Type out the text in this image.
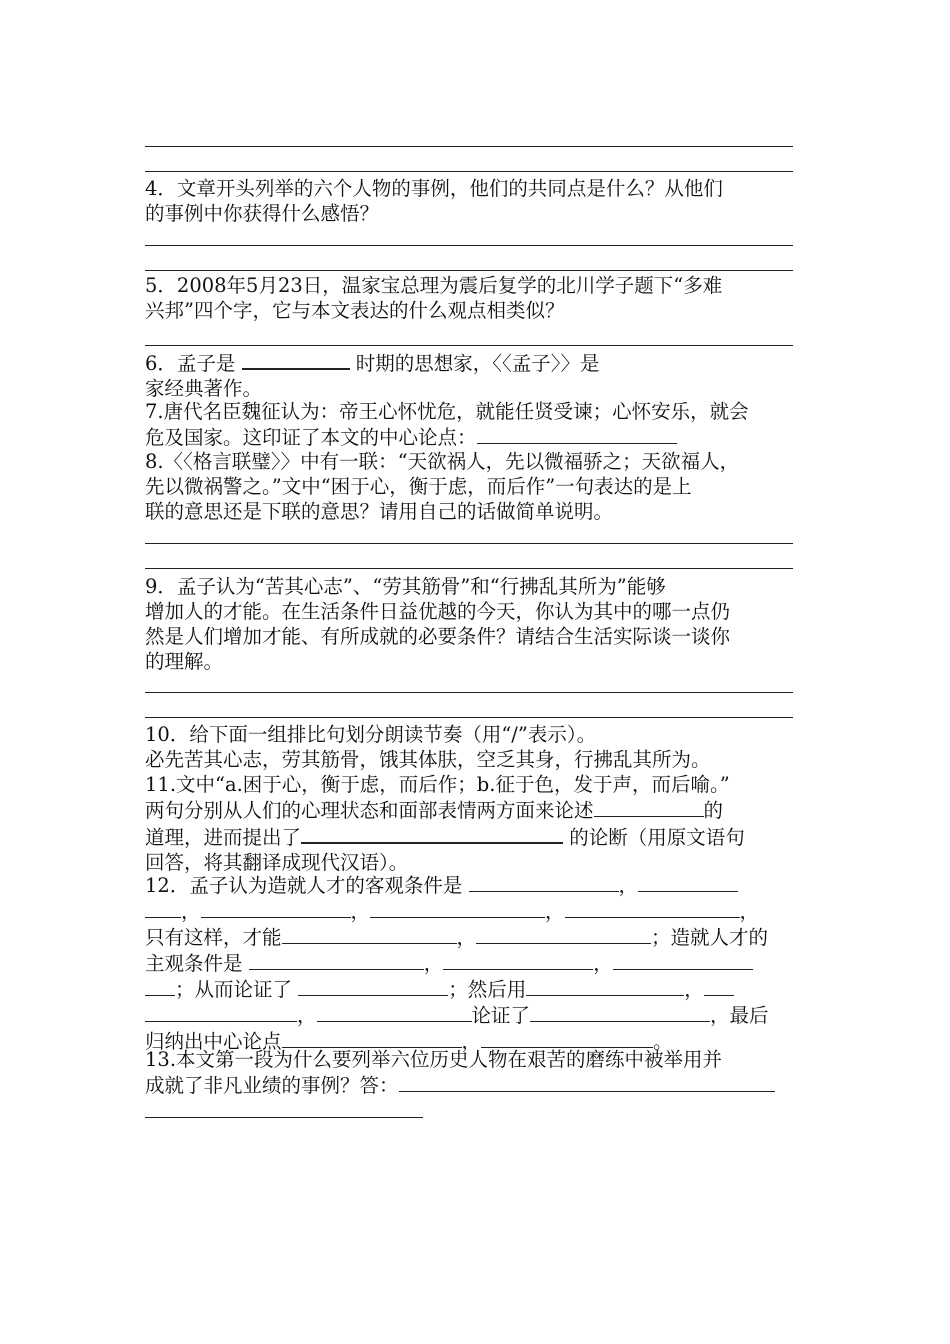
4．文章开头列举的六个人物的事例，他们的共同点是什么？从他们
的事例中你获得什么感悟？
5．2008年5月23日，温家宝总理为震后复学的北川学子题下“多难
兴邦”四个字，它与本文表达的什么观点相类似？
6．孟子是	时期的思想家，〈〈孟子〉〉是
家经典著作。
7.唐代名臣魏征认为：帝王心怀忧危，就能任贤受谏；心怀安乐，就会
危及国家。这印证了本文的中心论点：
8.〈〈格言联璧〉〉中有一联：“天欲祸人，先以微福骄之；天欲福人，
先以微祸警之。”文中“困于心，衡于虑，而后作”一句表达的是上
联的意思还是下联的意思？请用自己的话做简单说明。
9．孟子认为“苦其心志”、“劳其筋骨”和“行拂乱其所为”能够
增加人的才能。在生活条件日益优越的今天，你认为其中的哪一点仍
然是人们增加才能、有所成就的必要条件？请结合生活实际谈一谈你
的理解。
10．给下面一组排比句划分朗读节奏（用“/”表示）。
必先苦其心志，劳其筋骨，饿其体肤，空乏其身，行拂乱其所为。
11.文中“a.困于心，衡于虑，而后作；b.征于色，发于声，而后喻。”
两句分别从人们的心理状态和面部表情两方面来论述	的
道理，进而提出了	的论断（用原文语句
回答，将其翻译成现代汉语）。
12．孟子认为造就人才的客观条件是	，
，	，	，	，
只有这样，才能	，	；造就人才的
主观条件是	，	，
；从而论证了	；然后用	，
，	论证了	，最后
归纳出中心论点	，	。
13.本文第一段为什么要列举六位历史人物在艰苦的磨练中被举用并
成就了非凡业绩的事例？答：
